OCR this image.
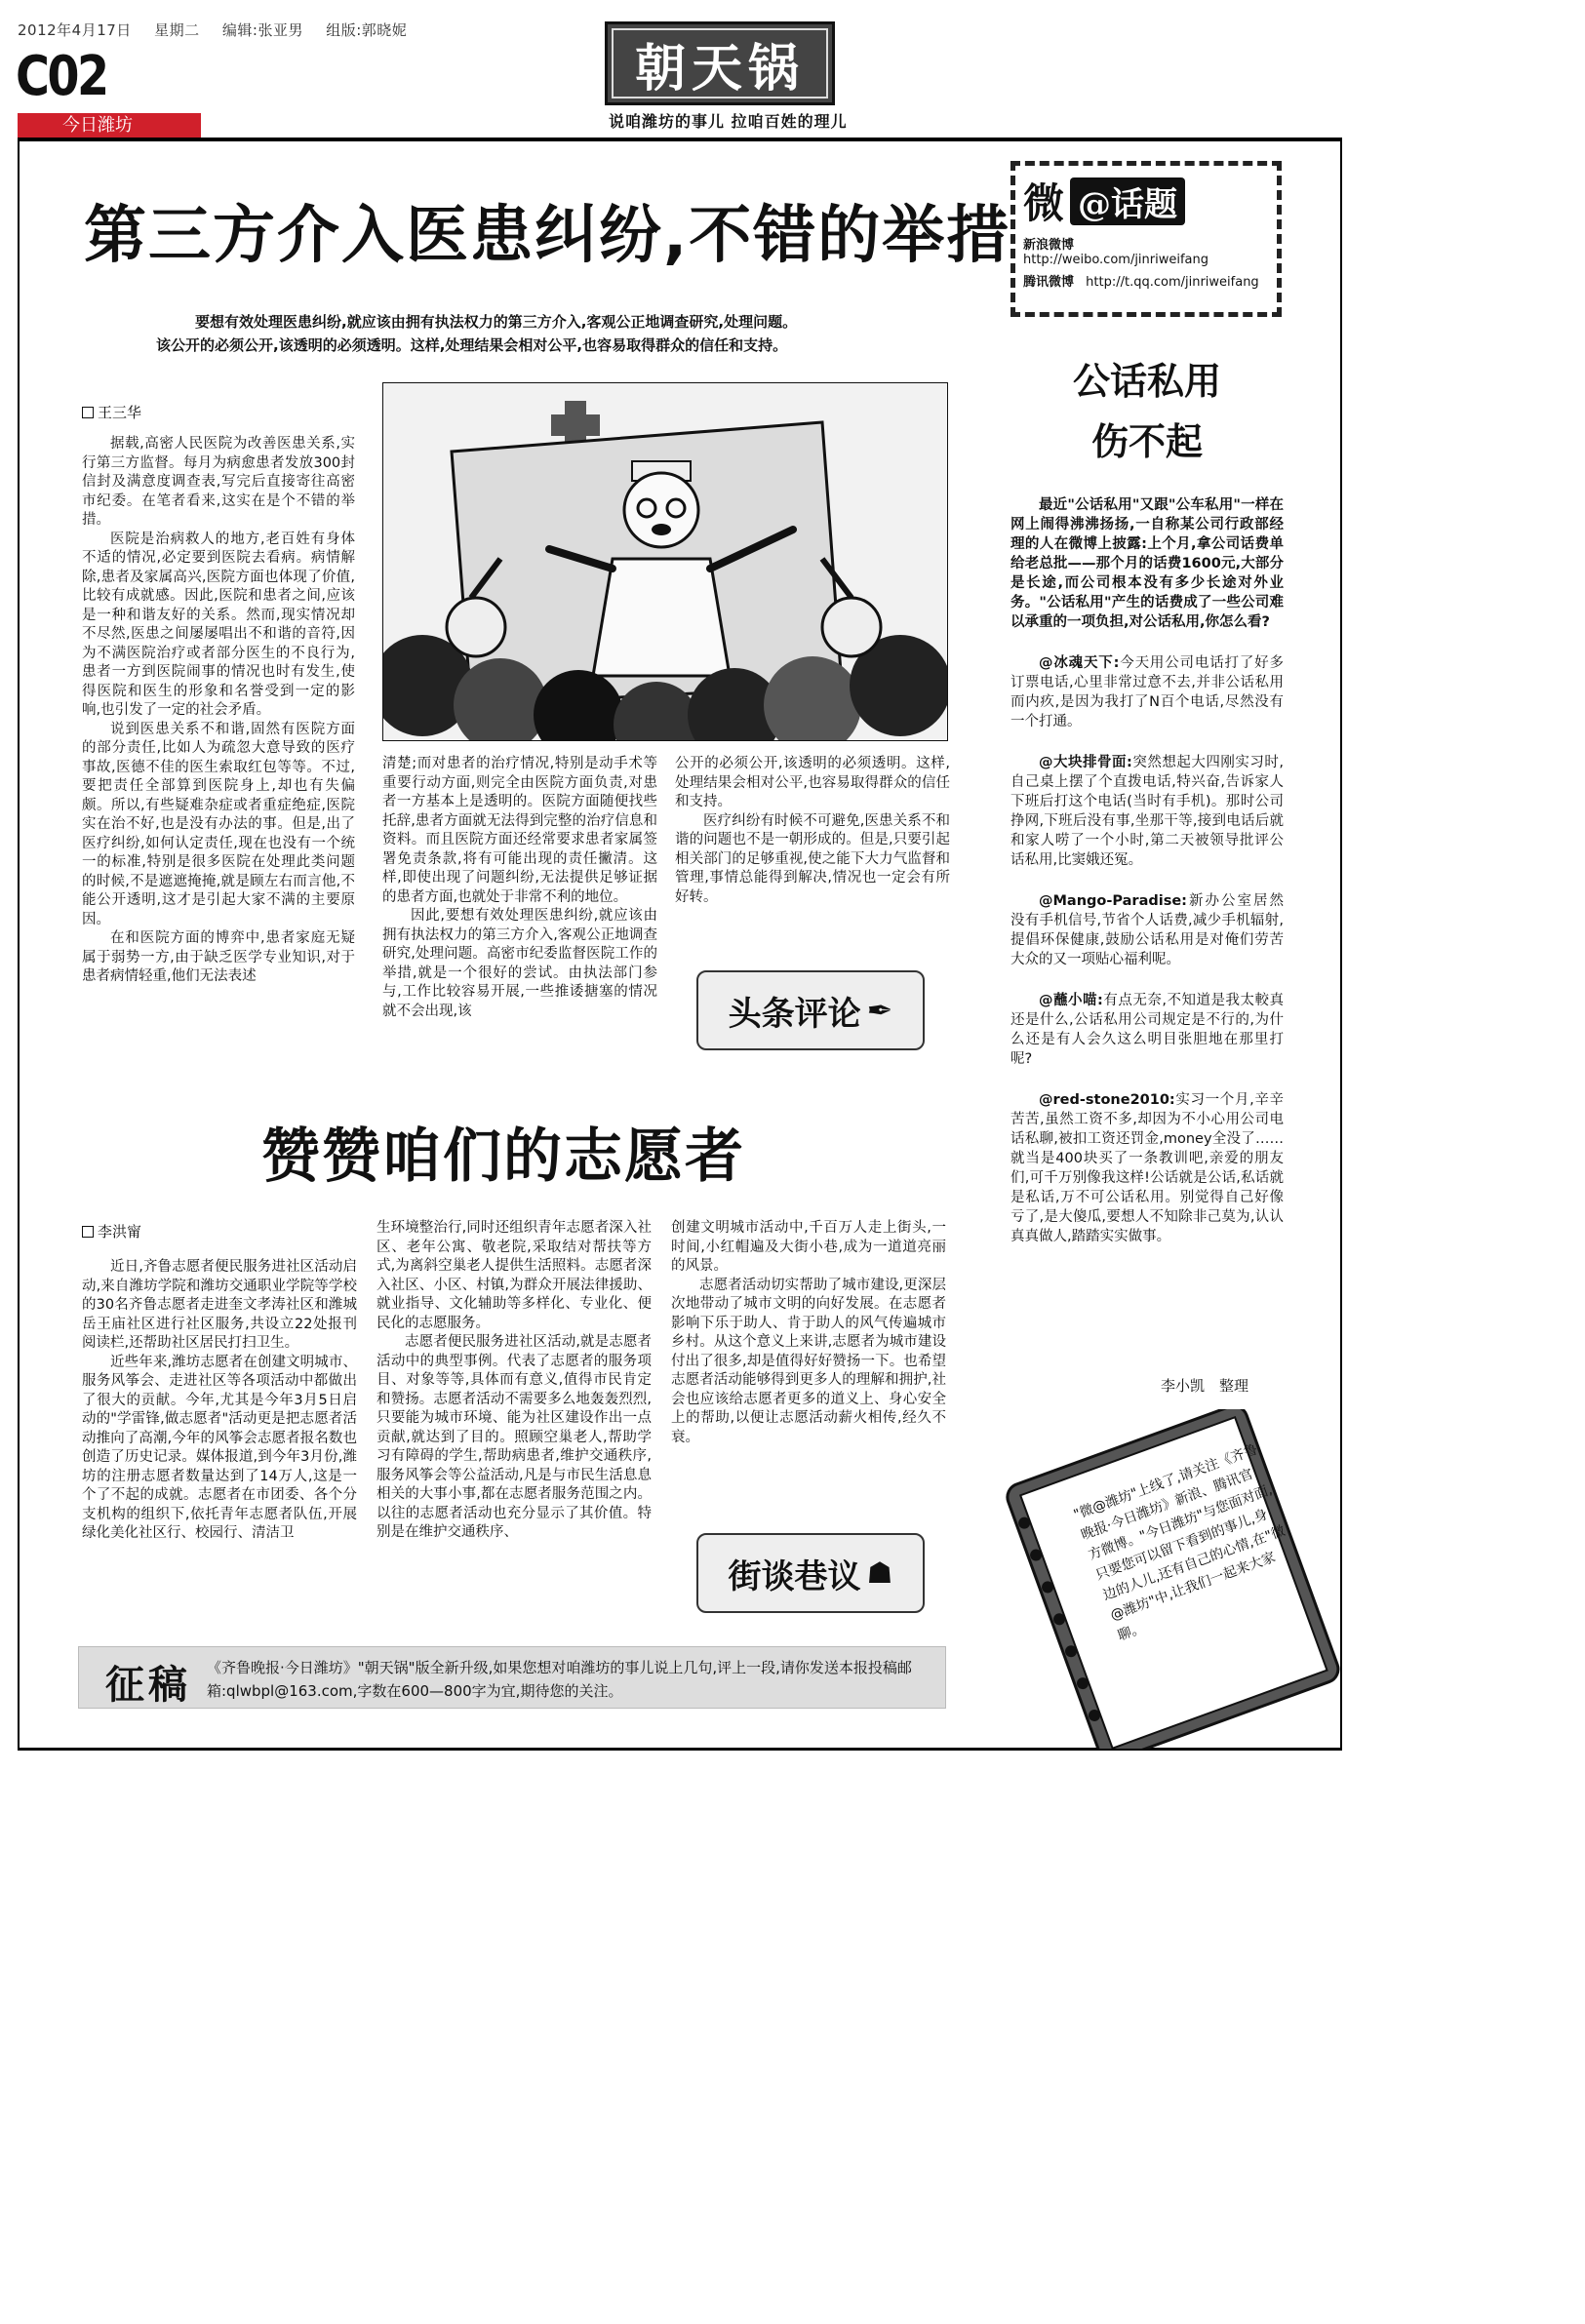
2012年4月17日 星期二 编辑:张亚男 组版:郭晓妮
C02
今日潍坊
朝天锅
说咱潍坊的事儿 拉咱百姓的理儿
第三方介入医患纠纷,不错的举措

要想有效处理医患纠纷,就应该由拥有执法权力的第三方介入,客观公正地调查研究,处理问题。

该公开的必须公开,该透明的必须透明。这样,处理结果会相对公平,也容易取得群众的信任和支持。

王三华

据载,高密人民医院为改善医患关系,实行第三方监督。每月为病愈患者发放300封信封及满意度调查表,写完后直接寄往高密市纪委。在笔者看来,这实在是个不错的举措。

医院是治病救人的地方,老百姓有身体不适的情况,必定要到医院去看病。病情解除,患者及家属高兴,医院方面也体现了价值,比较有成就感。因此,医院和患者之间,应该是一种和谐友好的关系。然而,现实情况却不尽然,医患之间屡屡唱出不和谐的音符,因为不满医院治疗或者部分医生的不良行为,患者一方到医院闹事的情况也时有发生,使得医院和医生的形象和名誉受到一定的影响,也引发了一定的社会矛盾。

说到医患关系不和谐,固然有医院方面的部分责任,比如人为疏忽大意导致的医疗事故,医德不佳的医生索取红包等等。不过,要把责任全部算到医院身上,却也有失偏颇。所以,有些疑难杂症或者重症绝症,医院实在治不好,也是没有办法的事。但是,出了医疗纠纷,如何认定责任,现在也没有一个统一的标准,特别是很多医院在处理此类问题的时候,不是遮遮掩掩,就是顾左右而言他,不能公开透明,这才是引起大家不满的主要原因。

在和医院方面的博弈中,患者家庭无疑属于弱势一方,由于缺乏医学专业知识,对于患者病情轻重,他们无法表述

清楚;而对患者的治疗情况,特别是动手术等重要行动方面,则完全由医院方面负责,对患者一方基本上是透明的。医院方面随便找些托辞,患者方面就无法得到完整的治疗信息和资料。而且医院方面还经常要求患者家属签署免责条款,将有可能出现的责任撇清。这样,即使出现了问题纠纷,无法提供足够证据的患者方面,也就处于非常不利的地位。

因此,要想有效处理医患纠纷,就应该由拥有执法权力的第三方介入,客观公正地调查研究,处理问题。高密市纪委监督医院工作的举措,就是一个很好的尝试。由执法部门参与,工作比较容易开展,一些推诿搪塞的情况就不会出现,该

公开的必须公开,该透明的必须透明。这样,处理结果会相对公平,也容易取得群众的信任和支持。

医疗纠纷有时候不可避免,医患关系不和谐的问题也不是一朝形成的。但是,只要引起相关部门的足够重视,使之能下大力气监督和管理,事情总能得到解决,情况也一定会有所好转。

头条评论 ✒
赞赞咱们的志愿者
李洪甯

近日,齐鲁志愿者便民服务进社区活动启动,来自潍坊学院和潍坊交通职业学院等学校的30名齐鲁志愿者走进奎文孝涛社区和潍城岳王庙社区进行社区服务,共设立22处报刊阅读栏,还帮助社区居民打扫卫生。

近些年来,潍坊志愿者在创建文明城市、服务风筝会、走进社区等各项活动中都做出了很大的贡献。今年,尤其是今年3月5日启动的"学雷锋,做志愿者"活动更是把志愿者活动推向了高潮,今年的风筝会志愿者报名数也创造了历史记录。媒体报道,到今年3月份,潍坊的注册志愿者数量达到了14万人,这是一个了不起的成就。志愿者在市团委、各个分支机构的组织下,依托青年志愿者队伍,开展绿化美化社区行、校园行、清洁卫

生环境整治行,同时还组织青年志愿者深入社区、老年公寓、敬老院,采取结对帮扶等方式,为离斜空巢老人提供生活照料。志愿者深入社区、小区、村镇,为群众开展法律援助、就业指导、文化辅助等多样化、专业化、便民化的志愿服务。

志愿者便民服务进社区活动,就是志愿者活动中的典型事例。代表了志愿者的服务项目、对象等等,具体而有意义,值得市民肯定和赞扬。志愿者活动不需要多么地轰轰烈烈,只要能为城市环境、能为社区建设作出一点贡献,就达到了目的。照顾空巢老人,帮助学习有障碍的学生,帮助病患者,维护交通秩序,服务风筝会等公益活动,凡是与市民生活息息相关的大事小事,都在志愿者服务范围之内。以往的志愿者活动也充分显示了其价值。特别是在维护交通秩序、

创建文明城市活动中,千百万人走上街头,一时间,小红帽遍及大街小巷,成为一道道亮丽的风景。

志愿者活动切实帮助了城市建设,更深层次地带动了城市文明的向好发展。在志愿者影响下乐于助人、肯于助人的风气传遍城市乡村。从这个意义上来讲,志愿者为城市建设付出了很多,却是值得好好赞扬一下。也希望志愿者活动能够得到更多人的理解和拥护,社会也应该给志愿者更多的道义上、身心安全上的帮助,以便让志愿活动薪火相传,经久不衰。

街谈巷议 ☗
微 @话题
新浪微博 http://weibo.com/jinriweifang
腾讯微博 http://t.qq.com/jinriweifang
公话私用
伤不起

最近"公话私用"又跟"公车私用"一样在网上闹得沸沸扬扬,一自称某公司行政部经理的人在微博上披露:上个月,拿公司话费单给老总批——那个月的话费1600元,大部分是长途,而公司根本没有多少长途对外业务。"公话私用"产生的话费成了一些公司难以承重的一项负担,对公话私用,你怎么看?

@冰魂天下:今天用公司电话打了好多订票电话,心里非常过意不去,并非公话私用而内疚,是因为我打了N百个电话,尽然没有一个打通。

@大块排骨面:突然想起大四刚实习时,自己桌上摆了个直拨电话,特兴奋,告诉家人下班后打这个电话(当时有手机)。那时公司挣网,下班后没有事,坐那干等,接到电话后就和家人唠了一个小时,第二天被领导批评公话私用,比窦娥还冤。

@Mango-Paradise:新办公室居然没有手机信号,节省个人话费,减少手机辐射,提倡环保健康,鼓励公话私用是对俺们劳苦大众的又一项贴心福利呢。

@蘸小喵:有点无奈,不知道是我太較真还是什么,公话私用公司规定是不行的,为什么还是有人会久这么明目张胆地在那里打呢?

@red-stone2010:实习一个月,辛辛苦苦,虽然工资不多,却因为不小心用公司电话私聊,被扣工资还罚金,money全没了……就当是400块买了一条教训吧,亲爱的朋友们,可千万别像我这样!公话就是公话,私话就是私话,万不可公话私用。别觉得自己好像亏了,是大傻瓜,要想人不知除非己莫为,认认真真做人,踏踏实实做事。

李小凯　整理
"微@潍坊"上线了,请关注《齐鲁晚报·今日潍坊》新浪、腾讯官方微博。"今日潍坊"与您面对面,只要您可以留下看到的事儿,身边的人儿,还有自己的心情,在"微@潍坊"中,让我们一起来大家聊。
征稿 《齐鲁晚报·今日潍坊》"朝天锅"版全新升级,如果您想对咱潍坊的事儿说上几句,评上一段,请你发送本报投稿邮箱:qlwbpl@163.com,字数在600—800字为宜,期待您的关注。
